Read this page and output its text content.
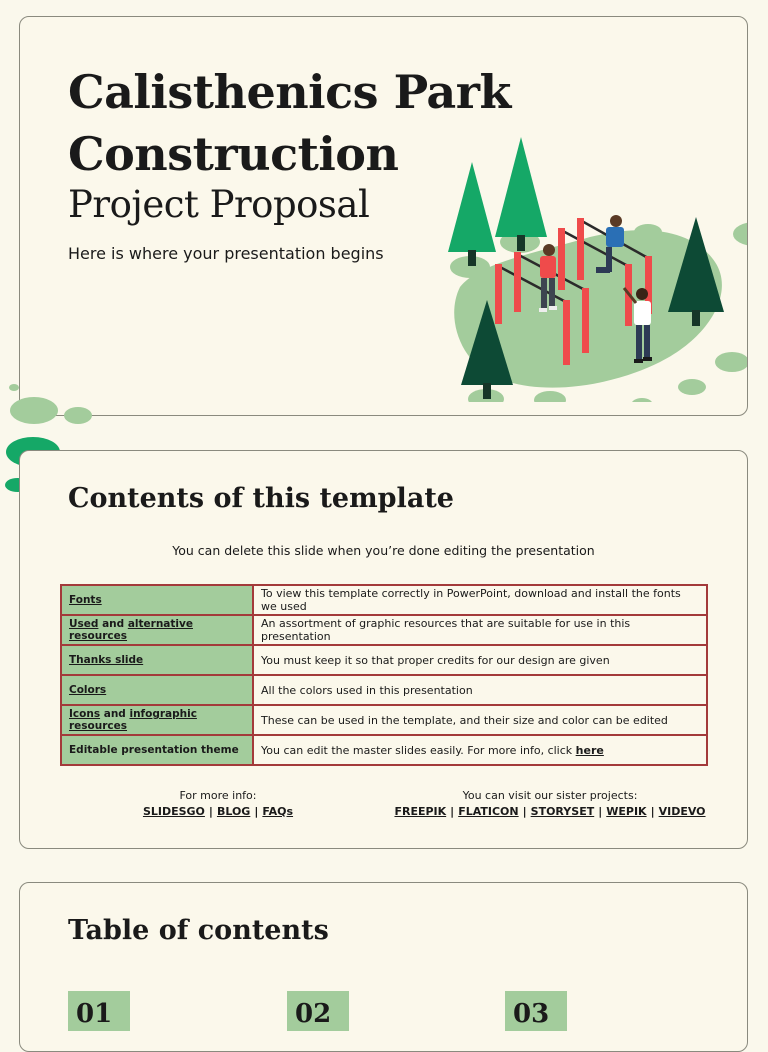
Calisthenics Park
Construction
Project Proposal

Here is where your presentation begins

Contents of this template

You can delete this slide when you’re done editing the presentation

Fonts	To view this template correctly in PowerPoint, download and install the fonts we used
Used and alternative resources	An assortment of graphic resources that are suitable for use in this presentation
Thanks slide	You must keep it so that proper credits for our design are given
Colors	All the colors used in this presentation
Icons and infographic resources	These can be used in the template, and their size and color can be edited
Editable presentation theme	You can edit the master slides easily. For more info, click here
For more info:
SLIDESGO | BLOG | FAQs
You can visit our sister projects:
FREEPIK | FLATICON | STORYSET | WEPIK | VIDEVO
Table of contents
01	02	03
